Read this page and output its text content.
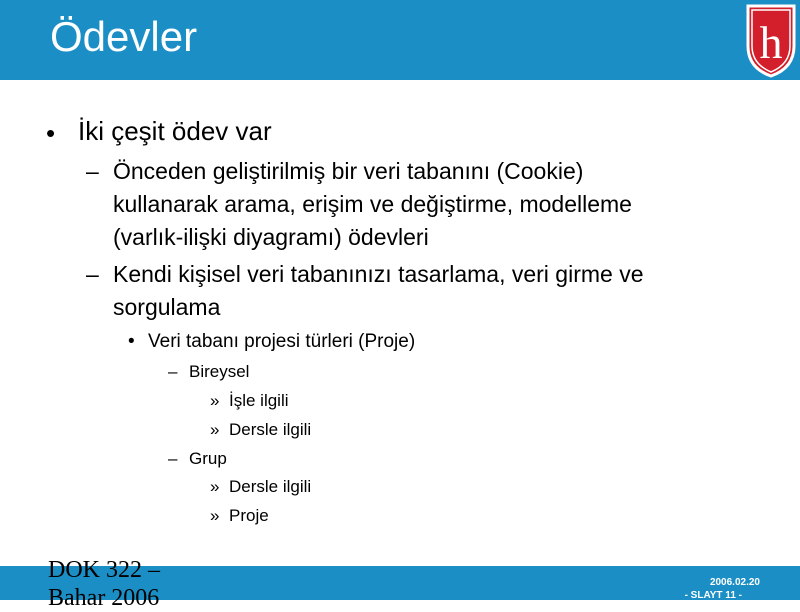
Ödevler	h
• İki çeşit ödev var
– Önceden geliştirilmiş bir veri tabanını (Cookie)
kullanarak arama, erişim ve değiştirme, modelleme
(varlık-ilişki diyagramı) ödevleri
– Kendi kişisel veri tabanınızı tasarlama, veri girme ve
sorgulama
• Veri tabanı projesi türleri (Proje)
– Bireysel
» İşle ilgili
» Dersle ilgili
– Grup
» Dersle ilgili
» Proje
DOK 322 –
Bahar 2006
2006.02.20
- SLAYT 11 -
